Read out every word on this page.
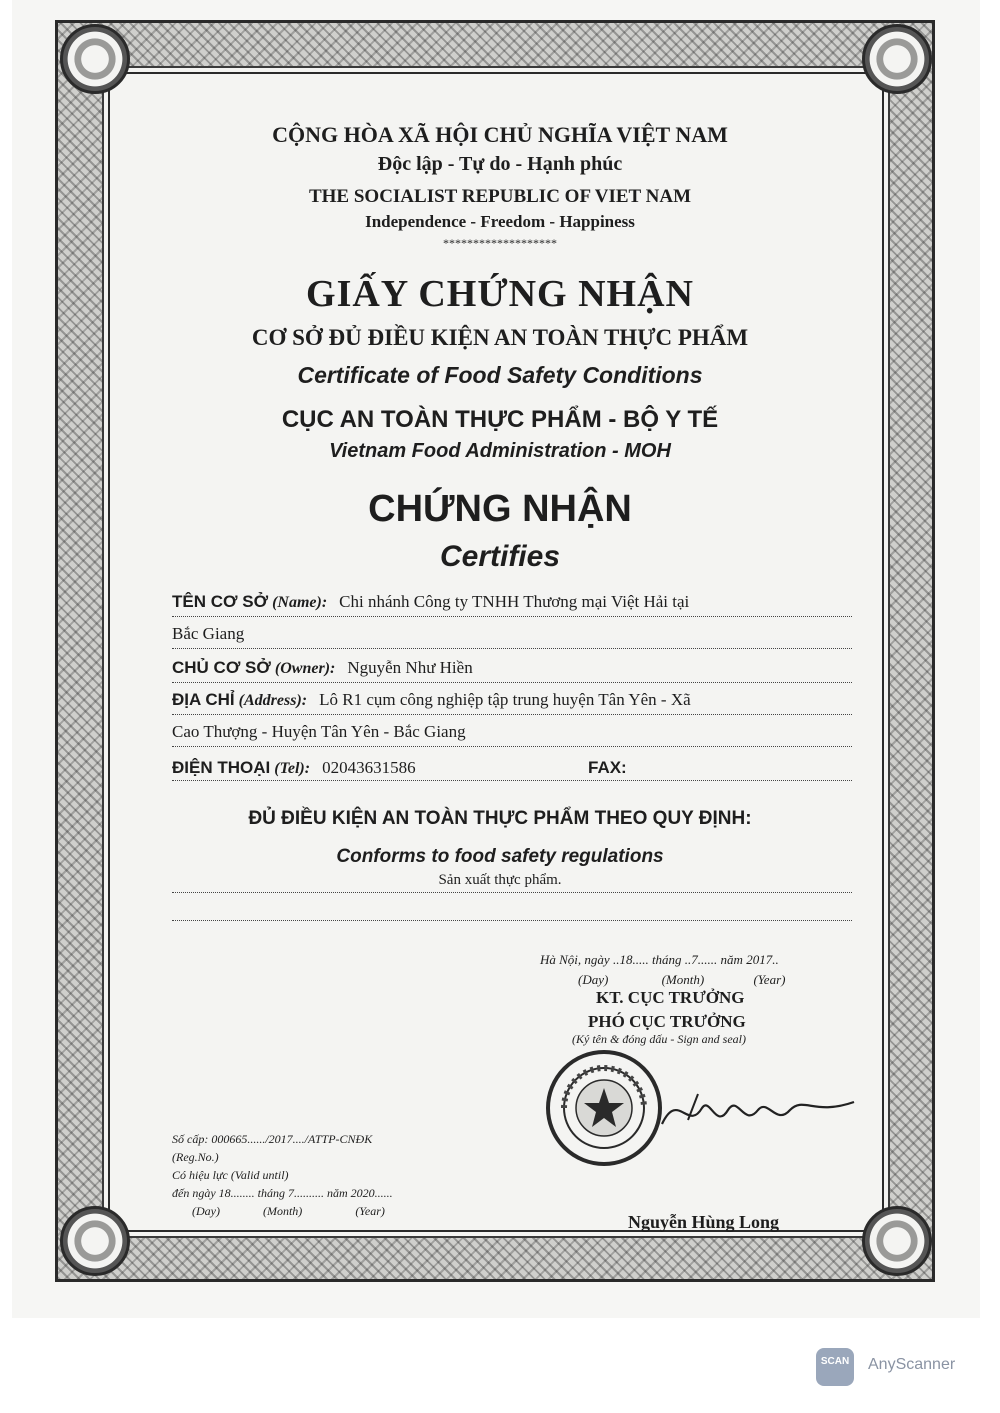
CỘNG HÒA XÃ HỘI CHỦ NGHĨA VIỆT NAM
Độc lập - Tự do - Hạnh phúc
THE SOCIALIST REPUBLIC OF VIET NAM
Independence - Freedom - Happiness
*******************
GIẤY CHỨNG NHẬN
CƠ SỞ ĐỦ ĐIỀU KIỆN AN TOÀN THỰC PHẨM
Certificate of Food Safety Conditions
CỤC AN TOÀN THỰC PHẨM - BỘ Y TẾ
Vietnam Food Administration - MOH
CHỨNG NHẬN
Certifies
TÊN CƠ SỞ (Name): Chi nhánh Công ty TNHH Thương mại Việt Hải tại
Bắc Giang
CHỦ CƠ SỞ (Owner): Nguyễn Như Hiền
ĐỊA CHỈ (Address): Lô R1 cụm công nghiệp tập trung huyện Tân Yên - Xã
Cao Thượng - Huyện Tân Yên - Bắc Giang
ĐIỆN THOẠI (Tel): 02043631586	FAX:
ĐỦ ĐIỀU KIỆN AN TOÀN THỰC PHẨM THEO QUY ĐỊNH:
Conforms to food safety regulations
Sản xuất thực phẩm.
Hà Nội, ngày ..18..... tháng ..7...... năm 2017..
(Day)	(Month)	(Year)
KT. CỤC TRƯỞNG
PHÓ CỤC TRƯỞNG
(Ký tên & đóng dấu - Sign and seal)
Nguyễn Hùng Long
Số cấp: 000665....../2017..../ATTP-CNĐK
(Reg.No.)
Có hiệu lực (Valid until)
đến ngày 18........ tháng 7.......... năm 2020......
(Day)	(Month)	(Year)
SCAN	AnyScanner
